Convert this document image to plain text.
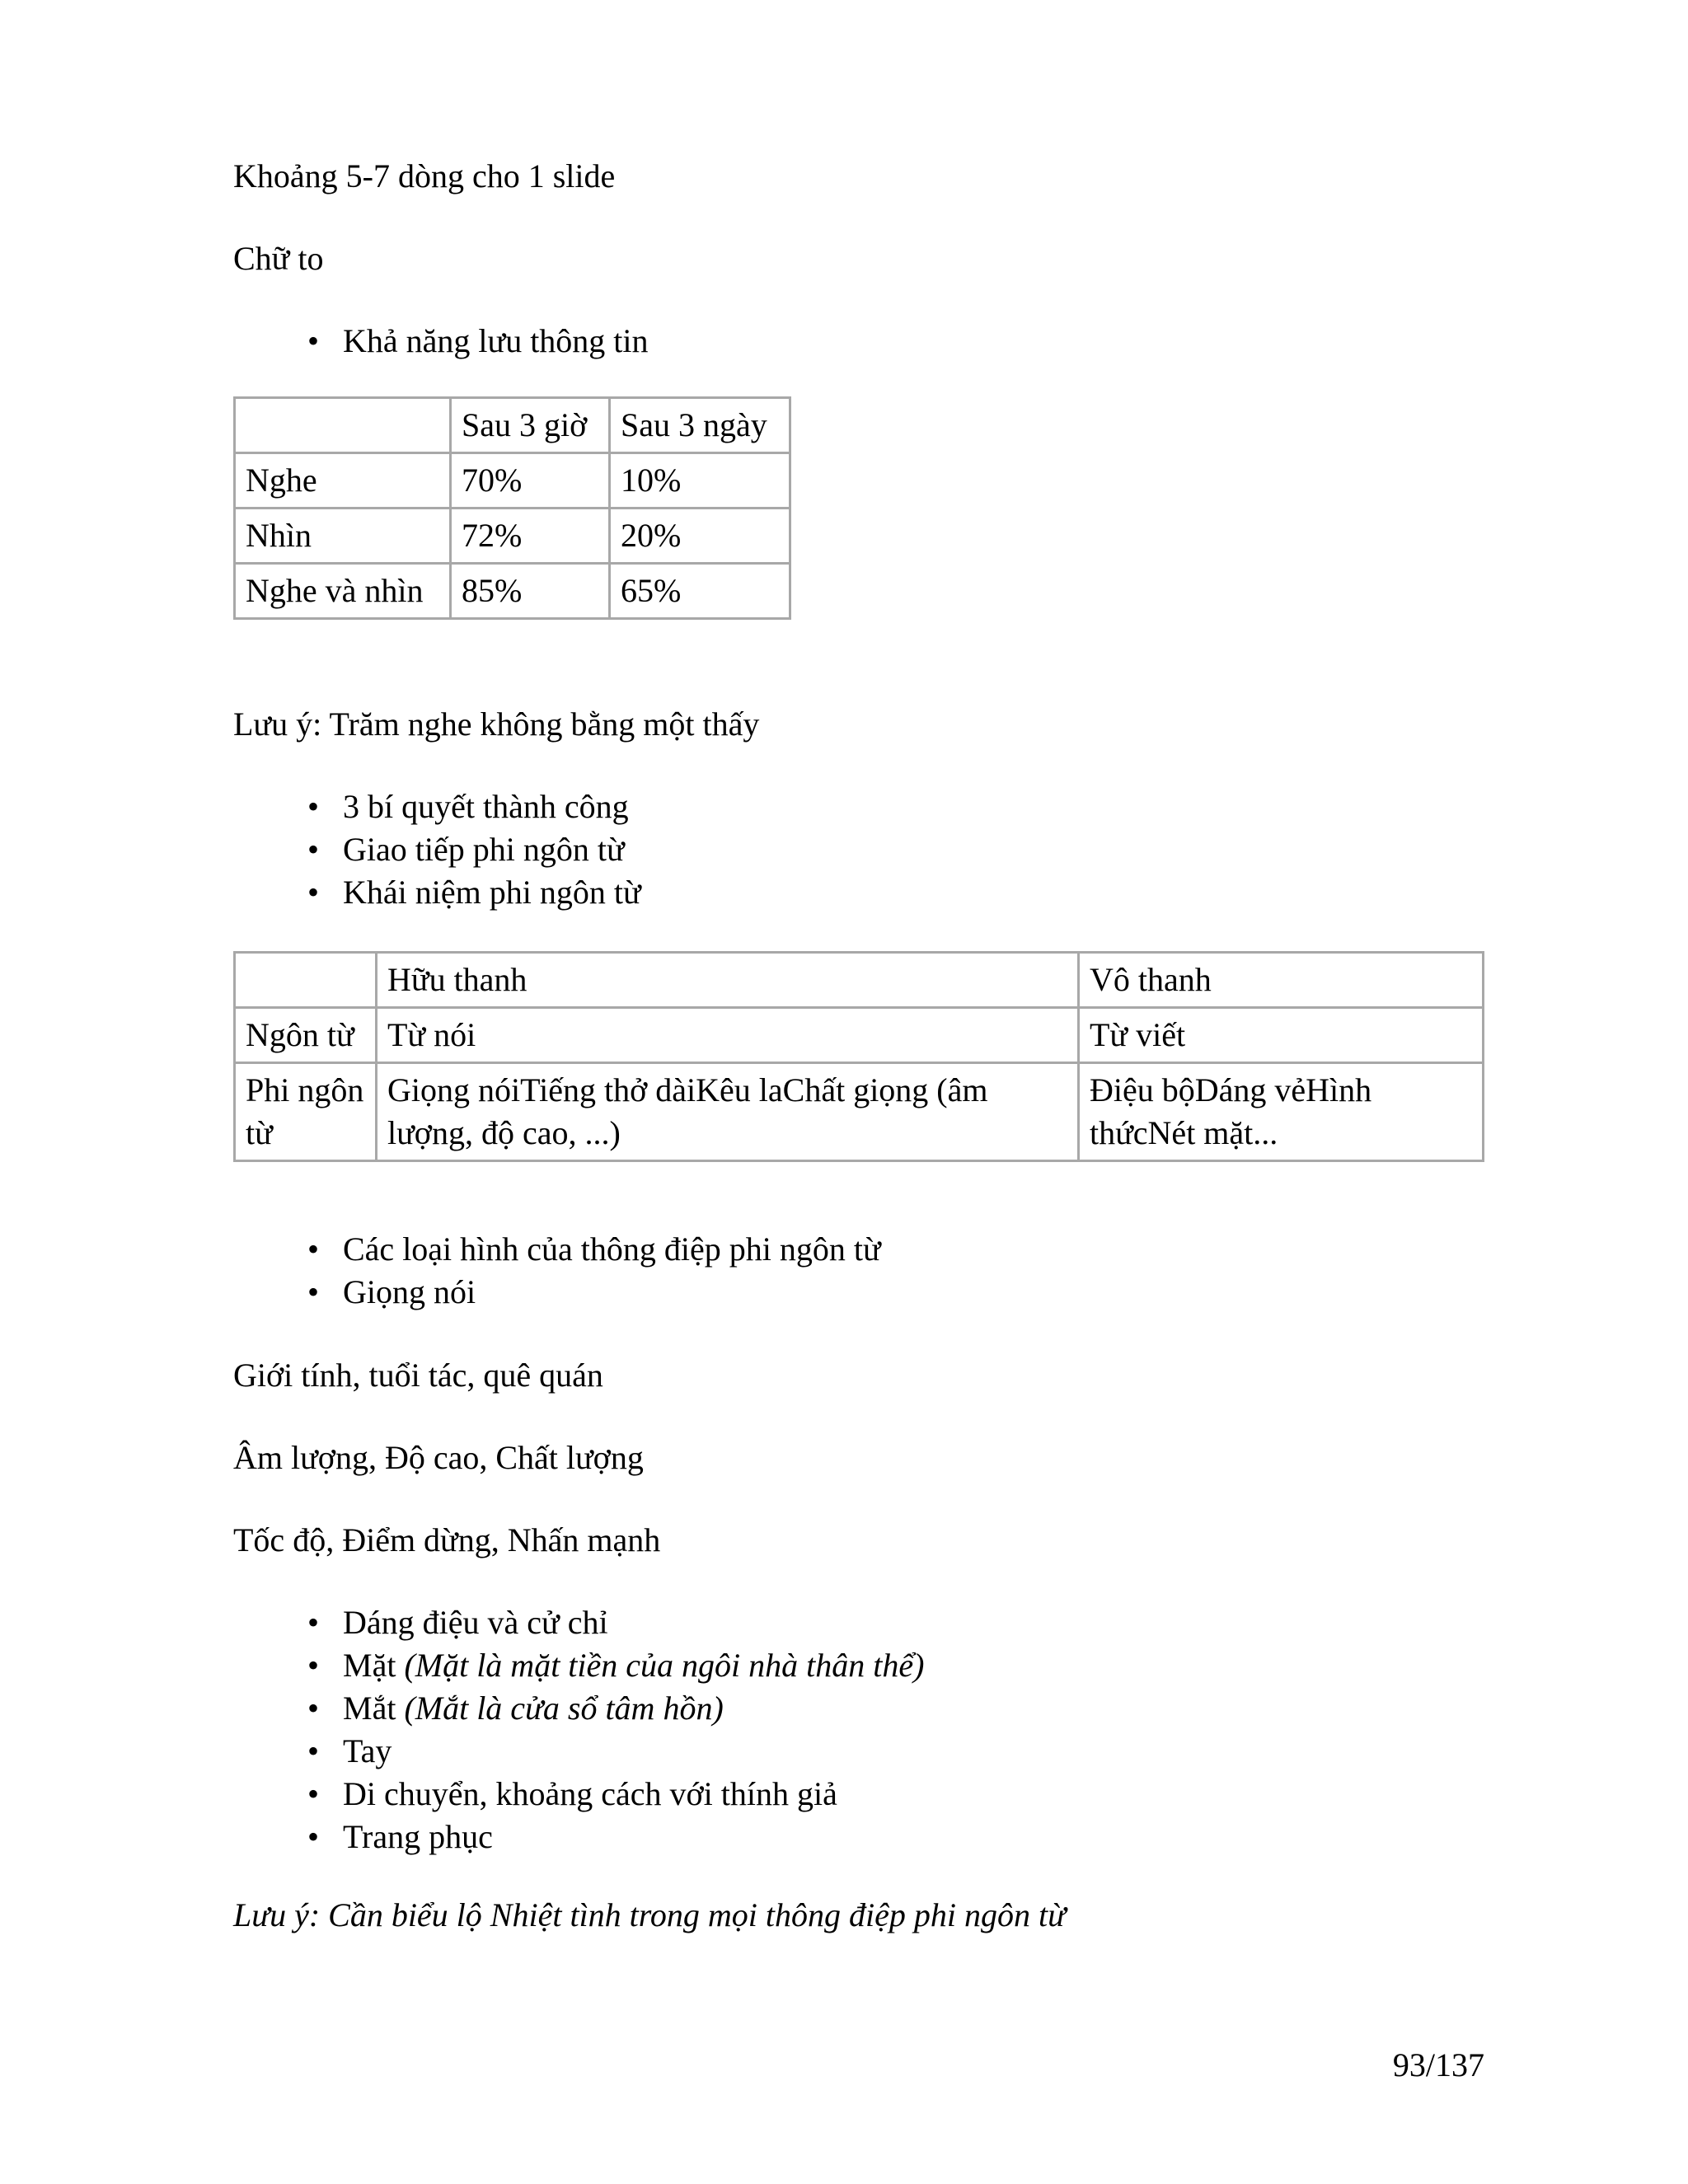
Khoảng 5-7 dòng cho 1 slide
Chữ to
• Khả năng lưu thông tin
	Sau 3 giờ	Sau 3 ngày
Nghe	70%	10%
Nhìn	72%	20%
Nghe và nhìn	85%	65%
Lưu ý: Trăm nghe không bằng một thấy
• 3 bí quyết thành công
• Giao tiếp phi ngôn từ
• Khái niệm phi ngôn từ
	Hữu thanh	Vô thanh
Ngôn từ	Từ nói	Từ viết
Phi ngôn từ	Giọng nóiTiếng thở dàiKêu laChất giọng (âm lượng, độ cao, ...)	Điệu bộDáng vẻHình thứcNét mặt...
• Các loại hình của thông điệp phi ngôn từ
• Giọng nói
Giới tính, tuổi tác, quê quán
Âm lượng, Độ cao, Chất lượng
Tốc độ, Điểm dừng, Nhấn mạnh
• Dáng điệu và cử chỉ
• Mặt (Mặt là mặt tiền của ngôi nhà thân thể)
• Mắt (Mắt là cửa sổ tâm hồn)
• Tay
• Di chuyển, khoảng cách với thính giả
• Trang phục
Lưu ý: Cần biểu lộ Nhiệt tình trong mọi thông điệp phi ngôn từ
93/137
